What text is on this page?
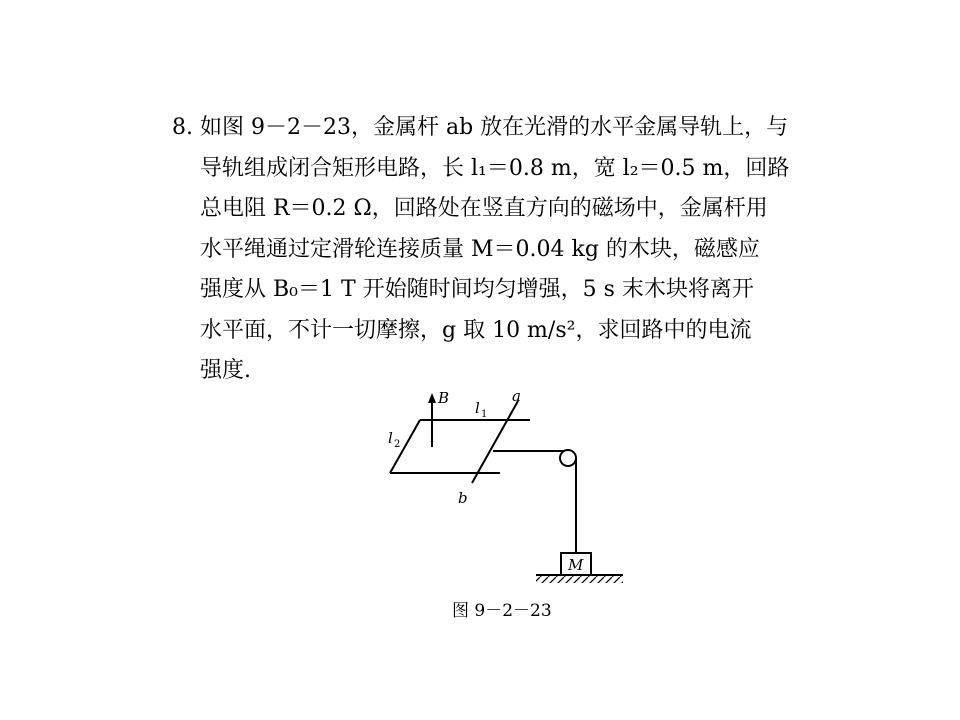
8. 如图 9－2－23，金属杆 ab 放在光滑的水平金属导轨上，与
导轨组成闭合矩形电路，长 l₁＝0.8 m，宽 l₂＝0.5 m，回路
总电阻 R＝0.2 Ω，回路处在竖直方向的磁场中，金属杆用
水平绳通过定滑轮连接质量 M＝0.04 kg 的木块，磁感应
强度从 B₀＝1 T 开始随时间均匀增强，5 s 末木块将离开
水平面，不计一切摩擦，g 取 10 m/s²，求回路中的电流
强度.
B
l 1
a
l 2
b
M
图 9－2－23
